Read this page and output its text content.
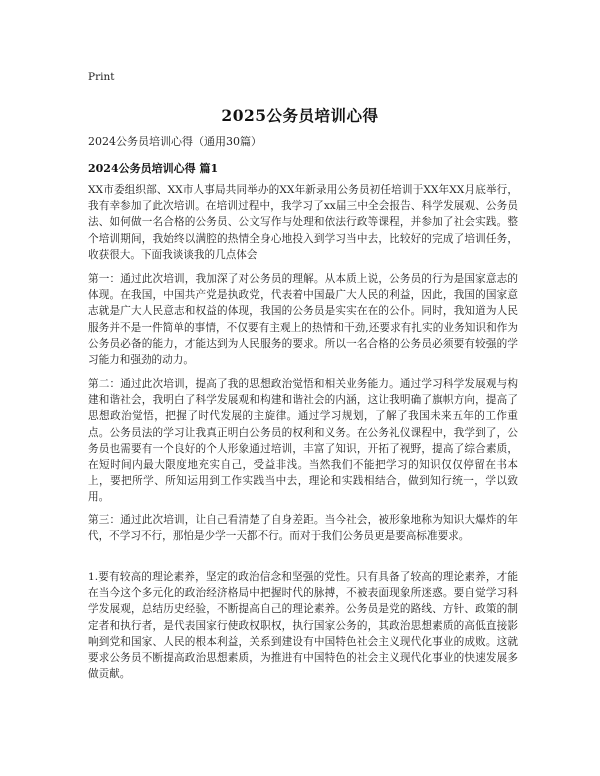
Print
2025公务员培训心得
2024公务员培训心得（通用30篇）
2024公务员培训心得 篇1

XX市委组织部、XX市人事局共同举办的XX年新录用公务员初任培训于XX年XX月底举行，我有幸参加了此次培训。在培训过程中，我学习了xx届三中全会报告、科学发展观、公务员法、如何做一名合格的公务员、公文写作与处理和依法行政等课程，并参加了社会实践。整个培训期间，我始终以满腔的热情全身心地投入到学习当中去，比较好的完成了培训任务，收获很大。下面我谈谈我的几点体会

第一：通过此次培训，我加深了对公务员的理解。从本质上说，公务员的行为是国家意志的体现。在我国，中国共产党是执政党，代表着中国最广大人民的利益，因此，我国的国家意志就是广大人民意志和权益的体现，我国的公务员是实实在在的公仆。同时，我知道为人民服务并不是一件简单的事情，不仅要有主观上的热情和干劲,还要求有扎实的业务知识和作为公务员必备的能力，才能达到为人民服务的要求。所以一名合格的公务员必须要有较强的学习能力和强劲的动力。

第二：通过此次培训，提高了我的思想政治觉悟和相关业务能力。通过学习科学发展观与构建和谐社会，我明白了科学发展观和构建和谐社会的内涵，这让我明确了旗帜方向，提高了思想政治觉悟，把握了时代发展的主旋律。通过学习规划，了解了我国未来五年的工作重点。公务员法的学习让我真正明白公务员的权利和义务。在公务礼仪课程中，我学到了，公务员也需要有一个良好的个人形象通过培训，丰富了知识，开拓了视野，提高了综合素质，在短时间内最大限度地充实自己，受益非浅。当然我们不能把学习的知识仅仅停留在书本上，要把所学、所知运用到工作实践当中去，理论和实践相结合，做到知行统一，学以致用。

第三：通过此次培训，让自己看清楚了自身差距。当今社会，被形象地称为知识大爆炸的年代，不学习不行，那怕是少学一天都不行。而对于我们公务员更是要高标准要求。

1.要有较高的理论素养，坚定的政治信念和坚强的党性。只有具备了较高的理论素养，才能在当今这个多元化的政治经济格局中把握时代的脉搏，不被表面现象所迷惑。要自觉学习科学发展观，总结历史经验，不断提高自己的理论素养。公务员是党的路线、方针、政策的制定者和执行者，是代表国家行使政权职权，执行国家公务的，其政治思想素质的高低直接影响到党和国家、人民的根本利益，关系到建设有中国特色社会主义现代化事业的成败。这就要求公务员不断提高政治思想素质，为推进有中国特色的社会主义现代化事业的快速发展多做贡献。
